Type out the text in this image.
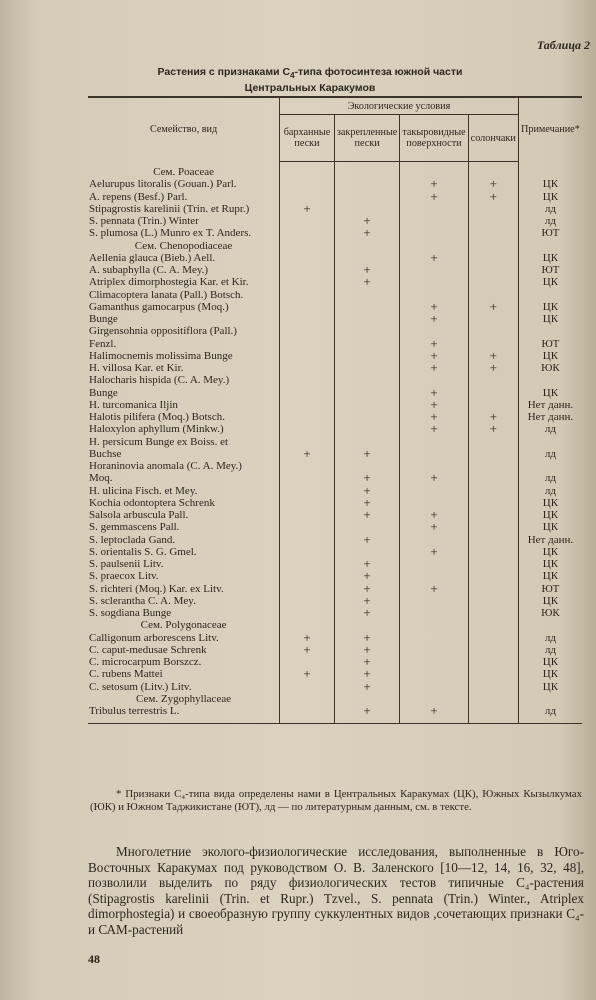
Таблица 2
Растения с признаками $С_4$-типа фотосинтеза южной части
Центральных Каракумов
Семейство, вид	Экологические условия				Примечание*
	барханные пески	закрепленные пески	такыровидные поверхности	солончаки	

Сем. Poaceae					
Aelurupus litoralis (Gouan.) Parl.			+	+	ЦК
A. repens (Besf.) Parl.			+	+	ЦК
Stipagrostis karelinii (Trin. et Rupr.)	+				лд
S. pennata (Trin.) Winter		+			лд
S. plumosa (L.) Munro ex T. Anders.		+			ЮТ
Сем. Chenopodiaceae					
Aellenia glauca (Bieb.) Aell.			+		ЦК
A. subaphylla (C. A. Mey.)		+			ЮТ
Atriplex dimorphostegia Kar. et Kir.		+			ЦК
Climacoptera lanata (Pall.) Botsch.					
Gamanthus gamocarpus (Moq.)			+	+	ЦК
Bunge			+		ЦК
Girgensohnia oppositiflora (Pall.)					
Fenzl.			+		ЮТ
Halimocnemis molissima Bunge			+	+	ЦК
H. villosa Kar. et Kir.			+	+	ЮК
Halocharis hispida (C. A. Mey.)					
Bunge			+		ЦК
H. turcomanica Iljin			+		Нет данн.
Halotis pilifera (Moq.) Botsch.			+	+	Нет данн.
Haloxylon aphyllum (Minkw.)			+	+	лд
H. persicum Bunge ex Boiss. et					
Buchse	+	+			лд
Horaninovia anomala (C. A. Mey.)					
Moq.		+	+		лд
H. ulicina Fisch. et Mey.		+			лд
Kochia odontoptera Schrenk		+			ЦК
Salsola arbuscula Pall.		+	+		ЦК
S. gemmascens Pall.			+		ЦК
S. leptoclada Gand.		+			Нет данн.
S. orientalis S. G. Gmel.			+		ЦК
S. paulsenii Litv.		+			ЦК
S. praecox Litv.		+			ЦК
S. richteri (Moq.) Kar. ex Litv.		+	+		ЮТ
S. sclerantha C. A. Mey.		+			ЦК
S. sogdiana Bunge		+			ЮК
Сем. Polygonaceae					
Calligonum arborescens Litv.	+	+			лд
C. caput-medusae Schrenk	+	+			лд
C. microcarpum Borszcz.		+			ЦК
C. rubens Mattei	+	+			ЦК
C. setosum (Litv.) Litv.		+			ЦК
Сем. Zygophyllaceae					
Tribulus terrestris L.		+	+		лд

* Признаки С₄-типа вида определены нами в Центральных Каракумах (ЦК), Южных Кызылкумах (ЮК) и Южном Таджикистане (ЮТ), лд — по литературным данным, см. в тексте.
Многолетние эколого-физиологические исследования, выполненные в Юго-Восточных Каракумах под руководством О. В. Заленского [10—12, 14, 16, 32, 48], позволили выделить по ряду физиологических тестов типичные С₄-растения (Stipagrostis karelinii (Trin. et Rupr.) Tzvel., S. pennata (Trin.) Winter., Atriplex dimorphostegia) и своеобразную группу суккулентных видов ,сочетающих признаки С₄- и САМ-растений
48
